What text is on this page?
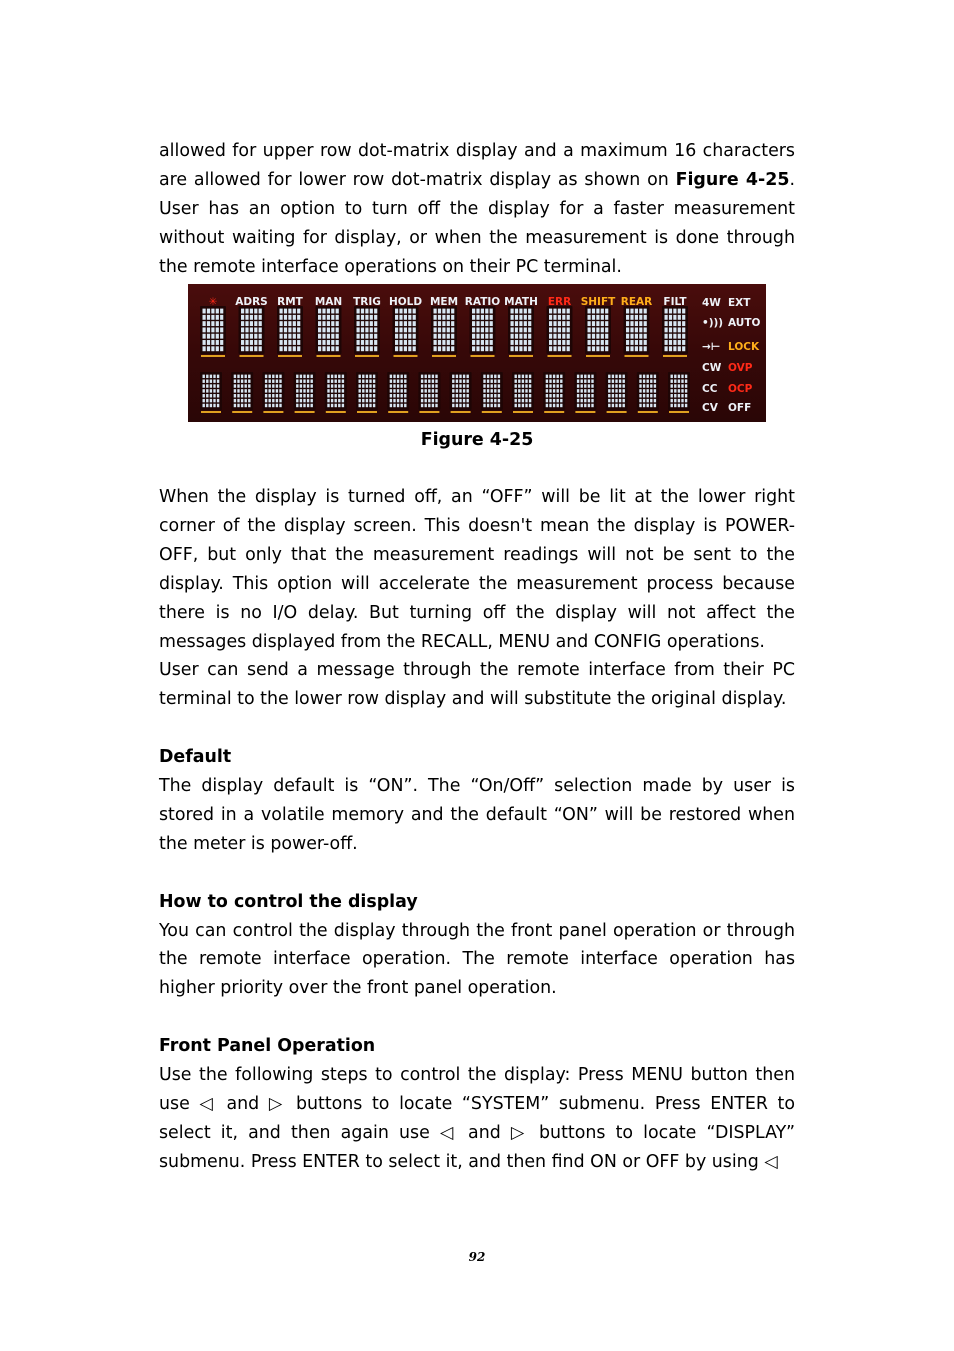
allowed for upper row dot-matrix display and a maximum 16 characters are allowed for lower row dot-matrix display as shown on Figure 4-25. User has an option to turn off the display for a faster measurement without waiting for display, or when the measurement is done through the remote interface operations on their PC terminal.

✳ ADRS RMT MAN TRIG HOLD MEM RATIO MATH ERR SHIFT REAR FILT 4W
•)))
→⊢
CW
CC
CV
EXT
AUTO
LOCK
OVP
OCP
OFF
Figure 4-25

When the display is turned off, an “OFF” will be lit at the lower right corner of the display screen. This doesn't mean the display is POWER-OFF, but only that the measurement readings will not be sent to the display. This option will accelerate the measurement process because there is no I/O delay. But turning off the display will not affect the messages displayed from the RECALL, MENU and CONFIG operations.

User can send a message through the remote interface from their PC terminal to the lower row display and will substitute the original display.

Default

The display default is “ON”. The “On/Off” selection made by user is stored in a volatile memory and the default “ON” will be restored when the meter is power-off.

How to control the display

You can control the display through the front panel operation or through the remote interface operation. The remote interface operation has higher priority over the front panel operation.

Front Panel Operation

Use the following steps to control the display: Press MENU button then use ◁ and ▷ buttons to locate “SYSTEM” submenu. Press ENTER to select it, and then again use ◁ and ▷ buttons to locate “DISPLAY” submenu. Press ENTER to select it, and then find ON or OFF by using ◁

92
